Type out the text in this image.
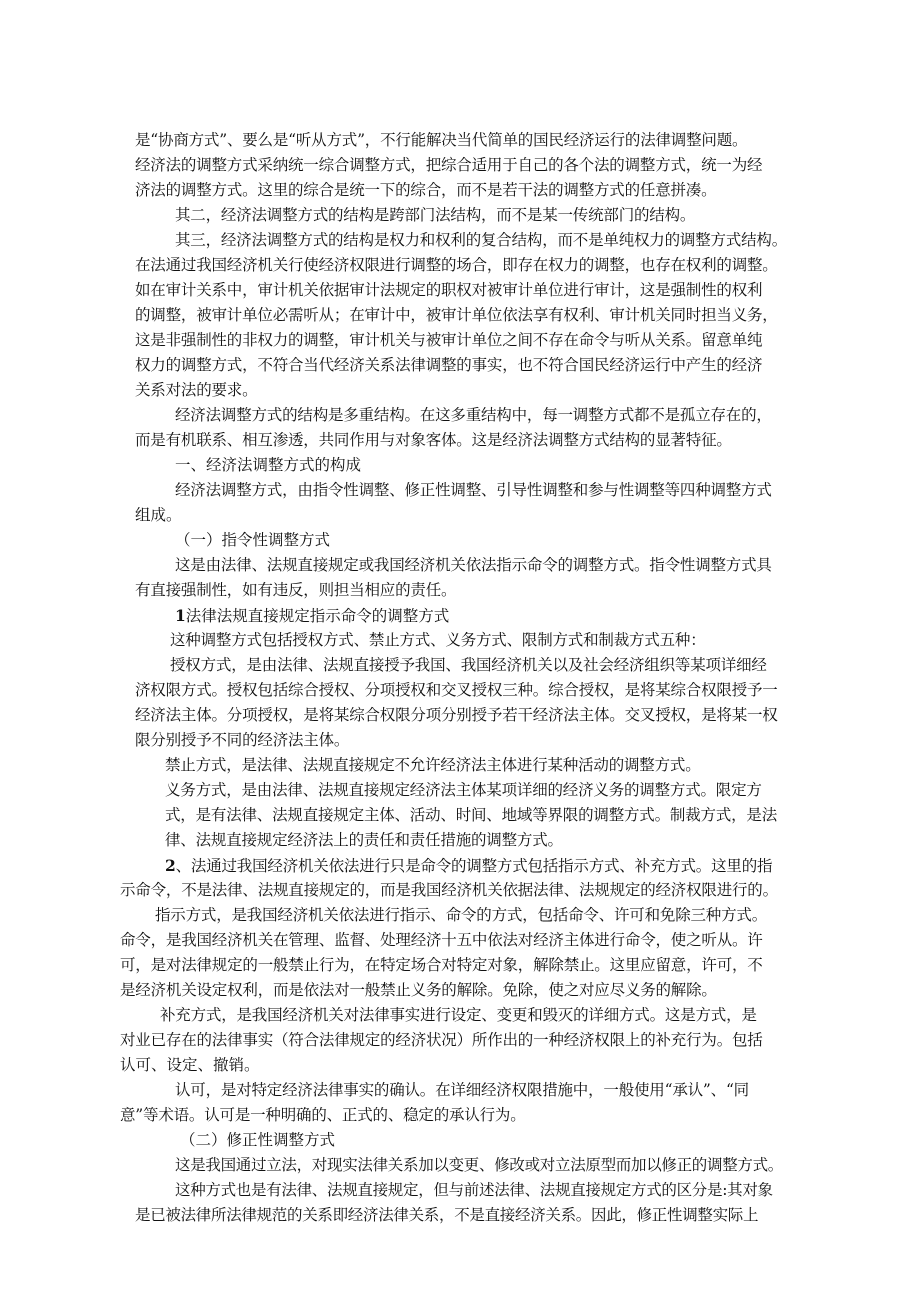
是“协商方式”、要么是“听从方式”，不行能解决当代简单的国民经济运行的法律调整问题。
经济法的调整方式采纳统一综合调整方式，把综合适用于自己的各个法的调整方式，统一为经
济法的调整方式。这里的综合是统一下的综合，而不是若干法的调整方式的任意拼凑。
其二，经济法调整方式的结构是跨部门法结构，而不是某一传统部门的结构。
其三，经济法调整方式的结构是权力和权利的复合结构，而不是单纯权力的调整方式结构。
在法通过我国经济机关行使经济权限进行调整的场合，即存在权力的调整，也存在权利的调整。
如在审计关系中，审计机关依据审计法规定的职权对被审计单位进行审计，这是强制性的权利
的调整，被审计单位必需听从；在审计中，被审计单位依法享有权利、审计机关同时担当义务，
这是非强制性的非权力的调整，审计机关与被审计单位之间不存在命令与听从关系。留意单纯
权力的调整方式，不符合当代经济关系法律调整的事实，也不符合国民经济运行中产生的经济
关系对法的要求。
经济法调整方式的结构是多重结构。在这多重结构中，每一调整方式都不是孤立存在的，
而是有机联系、相互渗透，共同作用与对象客体。这是经济法调整方式结构的显著特征。
一、经济法调整方式的构成
经济法调整方式，由指令性调整、修正性调整、引导性调整和参与性调整等四种调整方式
组成。
（一）指令性调整方式
这是由法律、法规直接规定或我国经济机关依法指示命令的调整方式。指令性调整方式具
有直接强制性，如有违反，则担当相应的责任。
1法律法规直接规定指示命令的调整方式
这种调整方式包括授权方式、禁止方式、义务方式、限制方式和制裁方式五种：
授权方式，是由法律、法规直接授予我国、我国经济机关以及社会经济组织等某项详细经
济权限方式。授权包括综合授权、分项授权和交叉授权三种。综合授权，是将某综合权限授予一
经济法主体。分项授权，是将某综合权限分项分别授予若干经济法主体。交叉授权，是将某一权
限分别授予不同的经济法主体。
禁止方式，是法律、法规直接规定不允许经济法主体进行某种活动的调整方式。
义务方式，是由法律、法规直接规定经济法主体某项详细的经济义务的调整方式。限定方
式，是有法律、法规直接规定主体、活动、时间、地域等界限的调整方式。制裁方式，是法
律、法规直接规定经济法上的责任和责任措施的调整方式。
2、法通过我国经济机关依法进行只是命令的调整方式包括指示方式、补充方式。这里的指
示命令，不是法律、法规直接规定的，而是我国经济机关依据法律、法规规定的经济权限进行的。
指示方式，是我国经济机关依法进行指示、命令的方式，包括命令、许可和免除三种方式。
命令，是我国经济机关在管理、监督、处理经济十五中依法对经济主体进行命令，使之听从。许
可，是对法律规定的一般禁止行为，在特定场合对特定对象，解除禁止。这里应留意，许可，不
是经济机关设定权利，而是依法对一般禁止义务的解除。免除，使之对应尽义务的解除。
补充方式，是我国经济机关对法律事实进行设定、变更和毁灭的详细方式。这是方式，是
对业已存在的法律事实（符合法律规定的经济状况）所作出的一种经济权限上的补充行为。包括
认可、设定、撤销。
认可，是对特定经济法律事实的确认。在详细经济权限措施中，一般使用“承认”、“同
意”等术语。认可是一种明确的、正式的、稳定的承认行为。
（二）修正性调整方式
这是我国通过立法，对现实法律关系加以变更、修改或对立法原型而加以修正的调整方式。
这种方式也是有法律、法规直接规定，但与前述法律、法规直接规定方式的区分是:其对象
是已被法律所法律规范的关系即经济法律关系，不是直接经济关系。因此，修正性调整实际上
